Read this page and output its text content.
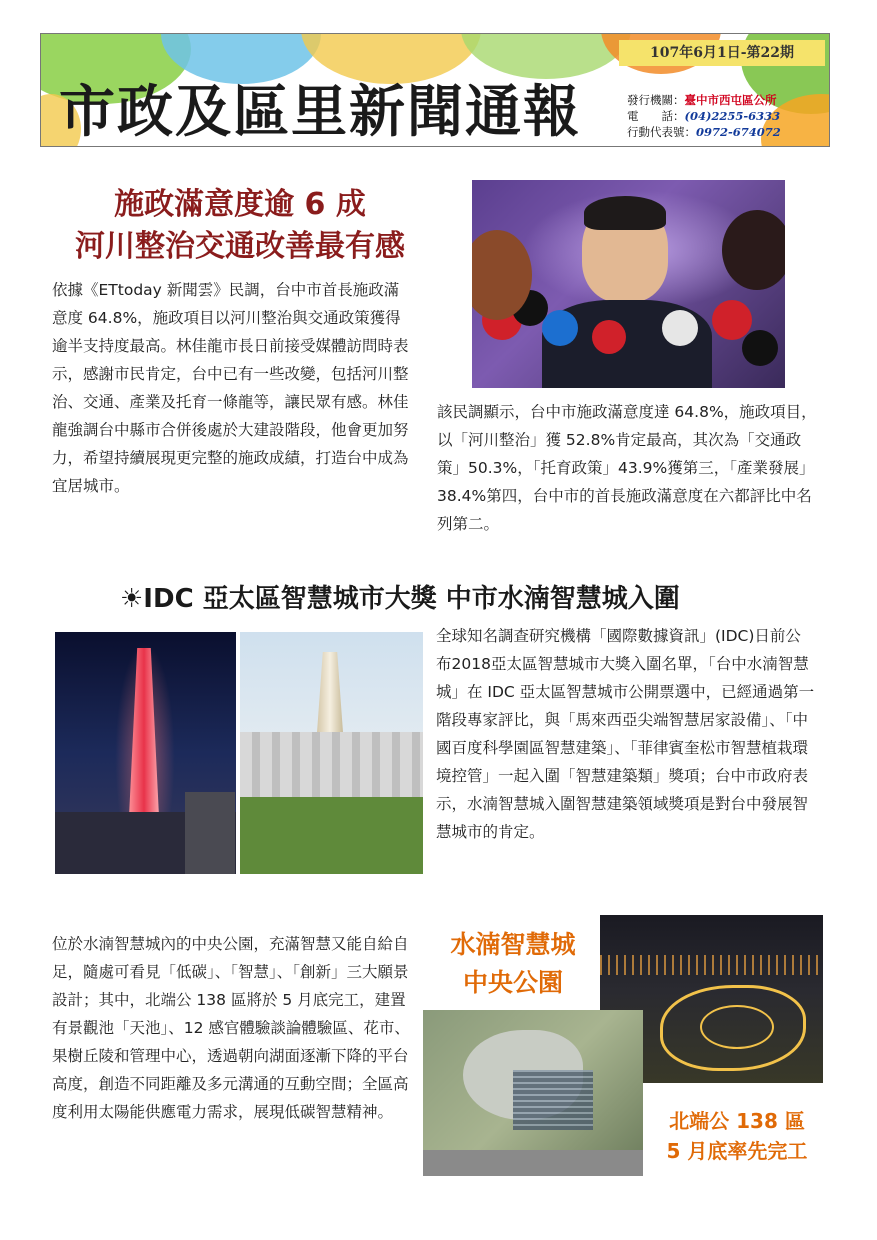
市政及區里新聞通報
107年6月1日-第22期
發行機關：臺中市西屯區公所
電　　話：(04)2255-6333
行動代表號：0972-674072
施政滿意度逾 6 成
河川整治交通改善最有感
依據《ETtoday 新聞雲》民調，台中市首長施政滿意度 64.8%，施政項目以河川整治與交通政策獲得逾半支持度最高。林佳龍市長日前接受媒體訪問時表示，感謝市民肯定，台中已有一些改變，包括河川整治、交通、產業及托育一條龍等，讓民眾有感。林佳龍強調台中縣市合併後處於大建設階段，他會更加努力，希望持續展現更完整的施政成績，打造台中成為宜居城市。
該民調顯示，台中市施政滿意度達 64.8%，施政項目，以「河川整治」獲 52.8%肯定最高，其次為「交通政策」50.3%，「托育政策」43.9%獲第三，「產業發展」38.4%第四，台中市的首長施政滿意度在六都評比中名列第二。
☀IDC 亞太區智慧城市大獎 中市水湳智慧城入圍
全球知名調查研究機構「國際數據資訊」(IDC)日前公布2018亞太區智慧城市大獎入圍名單，「台中水湳智慧城」在 IDC 亞太區智慧城市公開票選中，已經通過第一階段專家評比，與「馬來西亞尖端智慧居家設備」、「中國百度科學園區智慧建築」、「菲律賓奎松市智慧植栽環境控管」一起入圍「智慧建築類」獎項；台中市政府表示，水湳智慧城入圍智慧建築領域獎項是對台中發展智慧城市的肯定。
位於水湳智慧城內的中央公園，充滿智慧又能自給自足，隨處可看見「低碳」、「智慧」、「創新」三大願景設計；其中，北端公 138 區將於 5 月底完工，建置有景觀池「天池」、12 感官體驗談論體驗區、花市、果樹丘陵和管理中心，透過朝向湖面逐漸下降的平台高度，創造不同距離及多元溝通的互動空間；全區高度利用太陽能供應電力需求，展現低碳智慧精神。
水湳智慧城
中央公園
北端公 138 區
5 月底率先完工
